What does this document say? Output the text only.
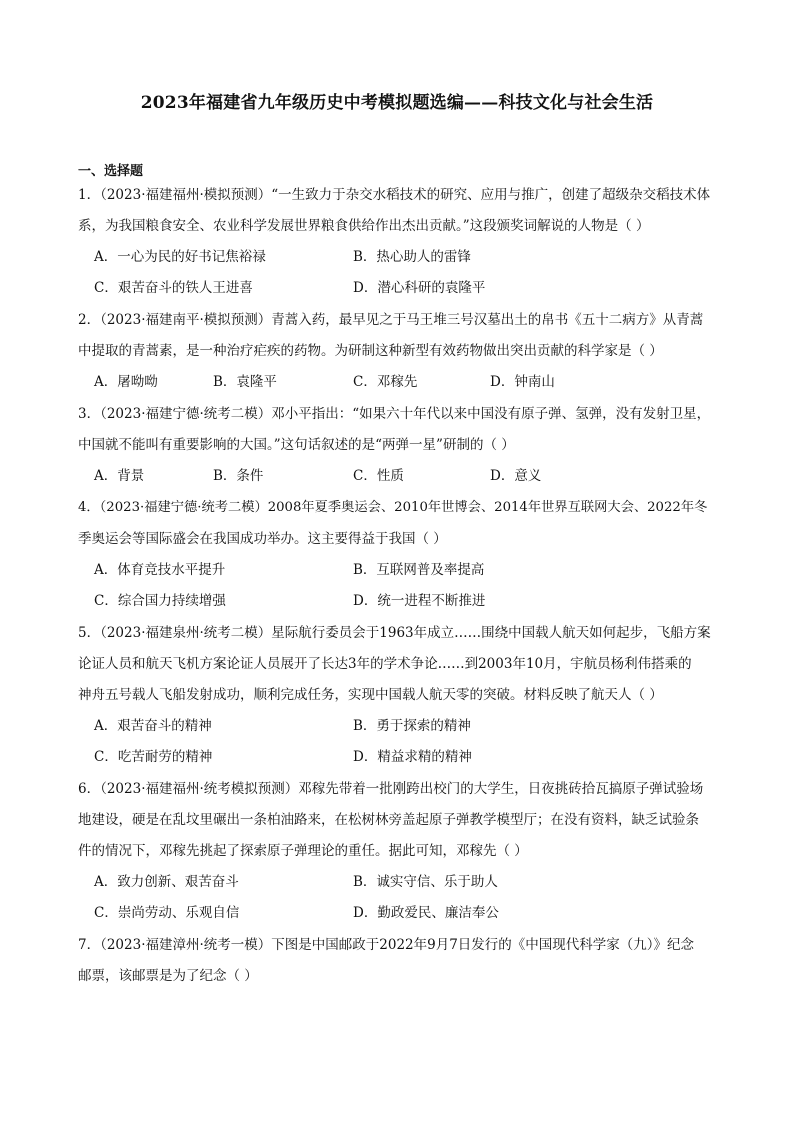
2023年福建省九年级历史中考模拟题选编——科技文化与社会生活
一、选择题
1．（2023·福建福州·模拟预测）“一生致力于杂交水稻技术的研究、应用与推广，创建了超级杂交稻技术体
系，为我国粮食安全、农业科学发展世界粮食供给作出杰出贡献。”这段颁奖词解说的人物是（ ）
A．一心为民的好书记焦裕禄	B．热心助人的雷锋
C．艰苦奋斗的铁人王进喜	D．潜心科研的袁隆平
2．（2023·福建南平·模拟预测）青蒿入药，最早见之于马王堆三号汉墓出土的帛书《五十二病方》从青蒿
中提取的青蒿素，是一种治疗疟疾的药物。为研制这种新型有效药物做出突出贡献的科学家是（ ）
A．屠呦呦	B．袁隆平	C．邓稼先	D．钟南山
3．（2023·福建宁德·统考二模）邓小平指出：“如果六十年代以来中国没有原子弹、氢弹，没有发射卫星，
中国就不能叫有重要影响的大国。”这句话叙述的是“两弹一星”研制的（ ）
A．背景	B．条件	C．性质	D．意义
4．（2023·福建宁德·统考二模）2008年夏季奥运会、2010年世博会、2014年世界互联网大会、2022年冬
季奥运会等国际盛会在我国成功举办。这主要得益于我国（ ）
A．体育竞技水平提升	B．互联网普及率提高
C．综合国力持续增强	D．统一进程不断推进
5．（2023·福建泉州·统考二模）星际航行委员会于1963年成立……围绕中国载人航天如何起步，飞船方案
论证人员和航天飞机方案论证人员展开了长达3年的学术争论……到2003年10月，宇航员杨利伟搭乘的
神舟五号载人飞船发射成功，顺利完成任务，实现中国载人航天零的突破。材料反映了航天人（ ）
A．艰苦奋斗的精神	B．勇于探索的精神
C．吃苦耐劳的精神	D．精益求精的精神
6．（2023·福建福州·统考模拟预测）邓稼先带着一批刚跨出校门的大学生，日夜挑砖拾瓦搞原子弹试验场
地建设，硬是在乱坟里碾出一条柏油路来，在松树林旁盖起原子弹教学模型厅；在没有资料，缺乏试验条
件的情况下，邓稼先挑起了探索原子弹理论的重任。据此可知，邓稼先（ ）
A．致力创新、艰苦奋斗	B．诚实守信、乐于助人
C．崇尚劳动、乐观自信	D．勤政爱民、廉洁奉公
7．（2023·福建漳州·统考一模）下图是中国邮政于2022年9月7日发行的《中国现代科学家（九）》纪念
邮票，该邮票是为了纪念（ ）
